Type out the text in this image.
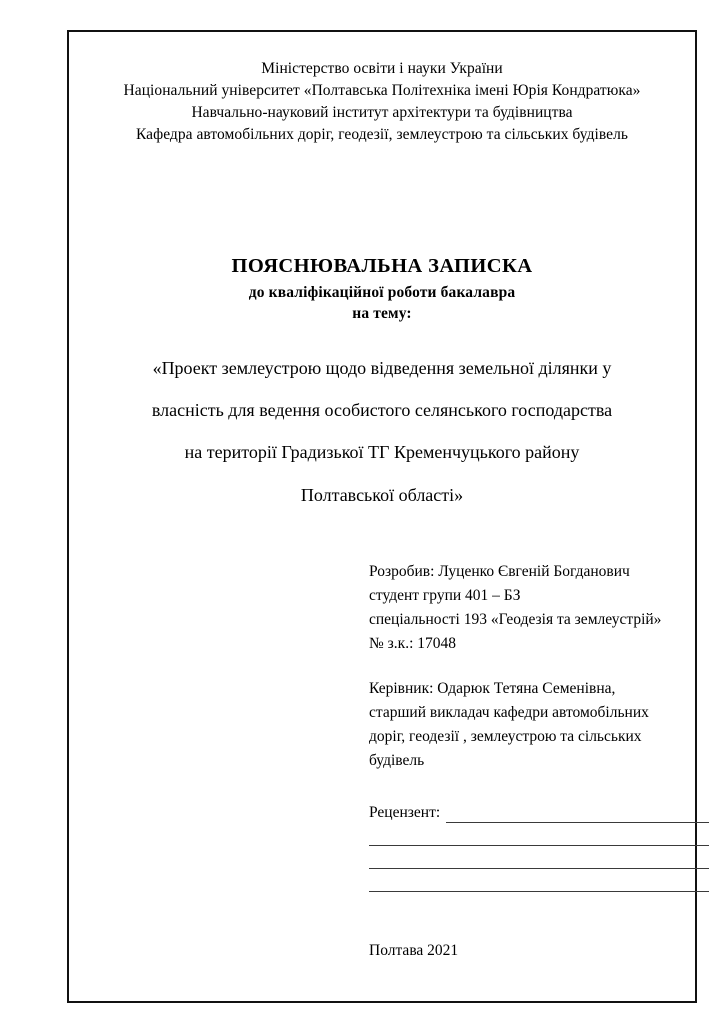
Міністерство освіти і науки України
Національний університет «Полтавська Політехніка імені Юрія Кондратюка»
Навчально-науковий інститут архітектури та будівництва
Кафедра автомобільних доріг, геодезії, землеустрою та сільських будівель
ПОЯСНЮВАЛЬНА ЗАПИСКА
до кваліфікаційної роботи бакалавра
на тему:
«Проект землеустрою щодо відведення земельної ділянки у
власність для ведення особистого селянського господарства
на території Градизької ТГ Кременчуцького району
Полтавської області»
Розробив: Луценко Євгеній Богданович
студент групи 401 – БЗ
спеціальності 193 «Геодезія та землеустрій»
№ з.к.: 17048
Керівник: Одарюк Тетяна Семенівна,
старший викладач кафедри автомобільних
доріг, геодезії , землеустрою та сільських
будівель
Рецензент:
Полтава 2021
